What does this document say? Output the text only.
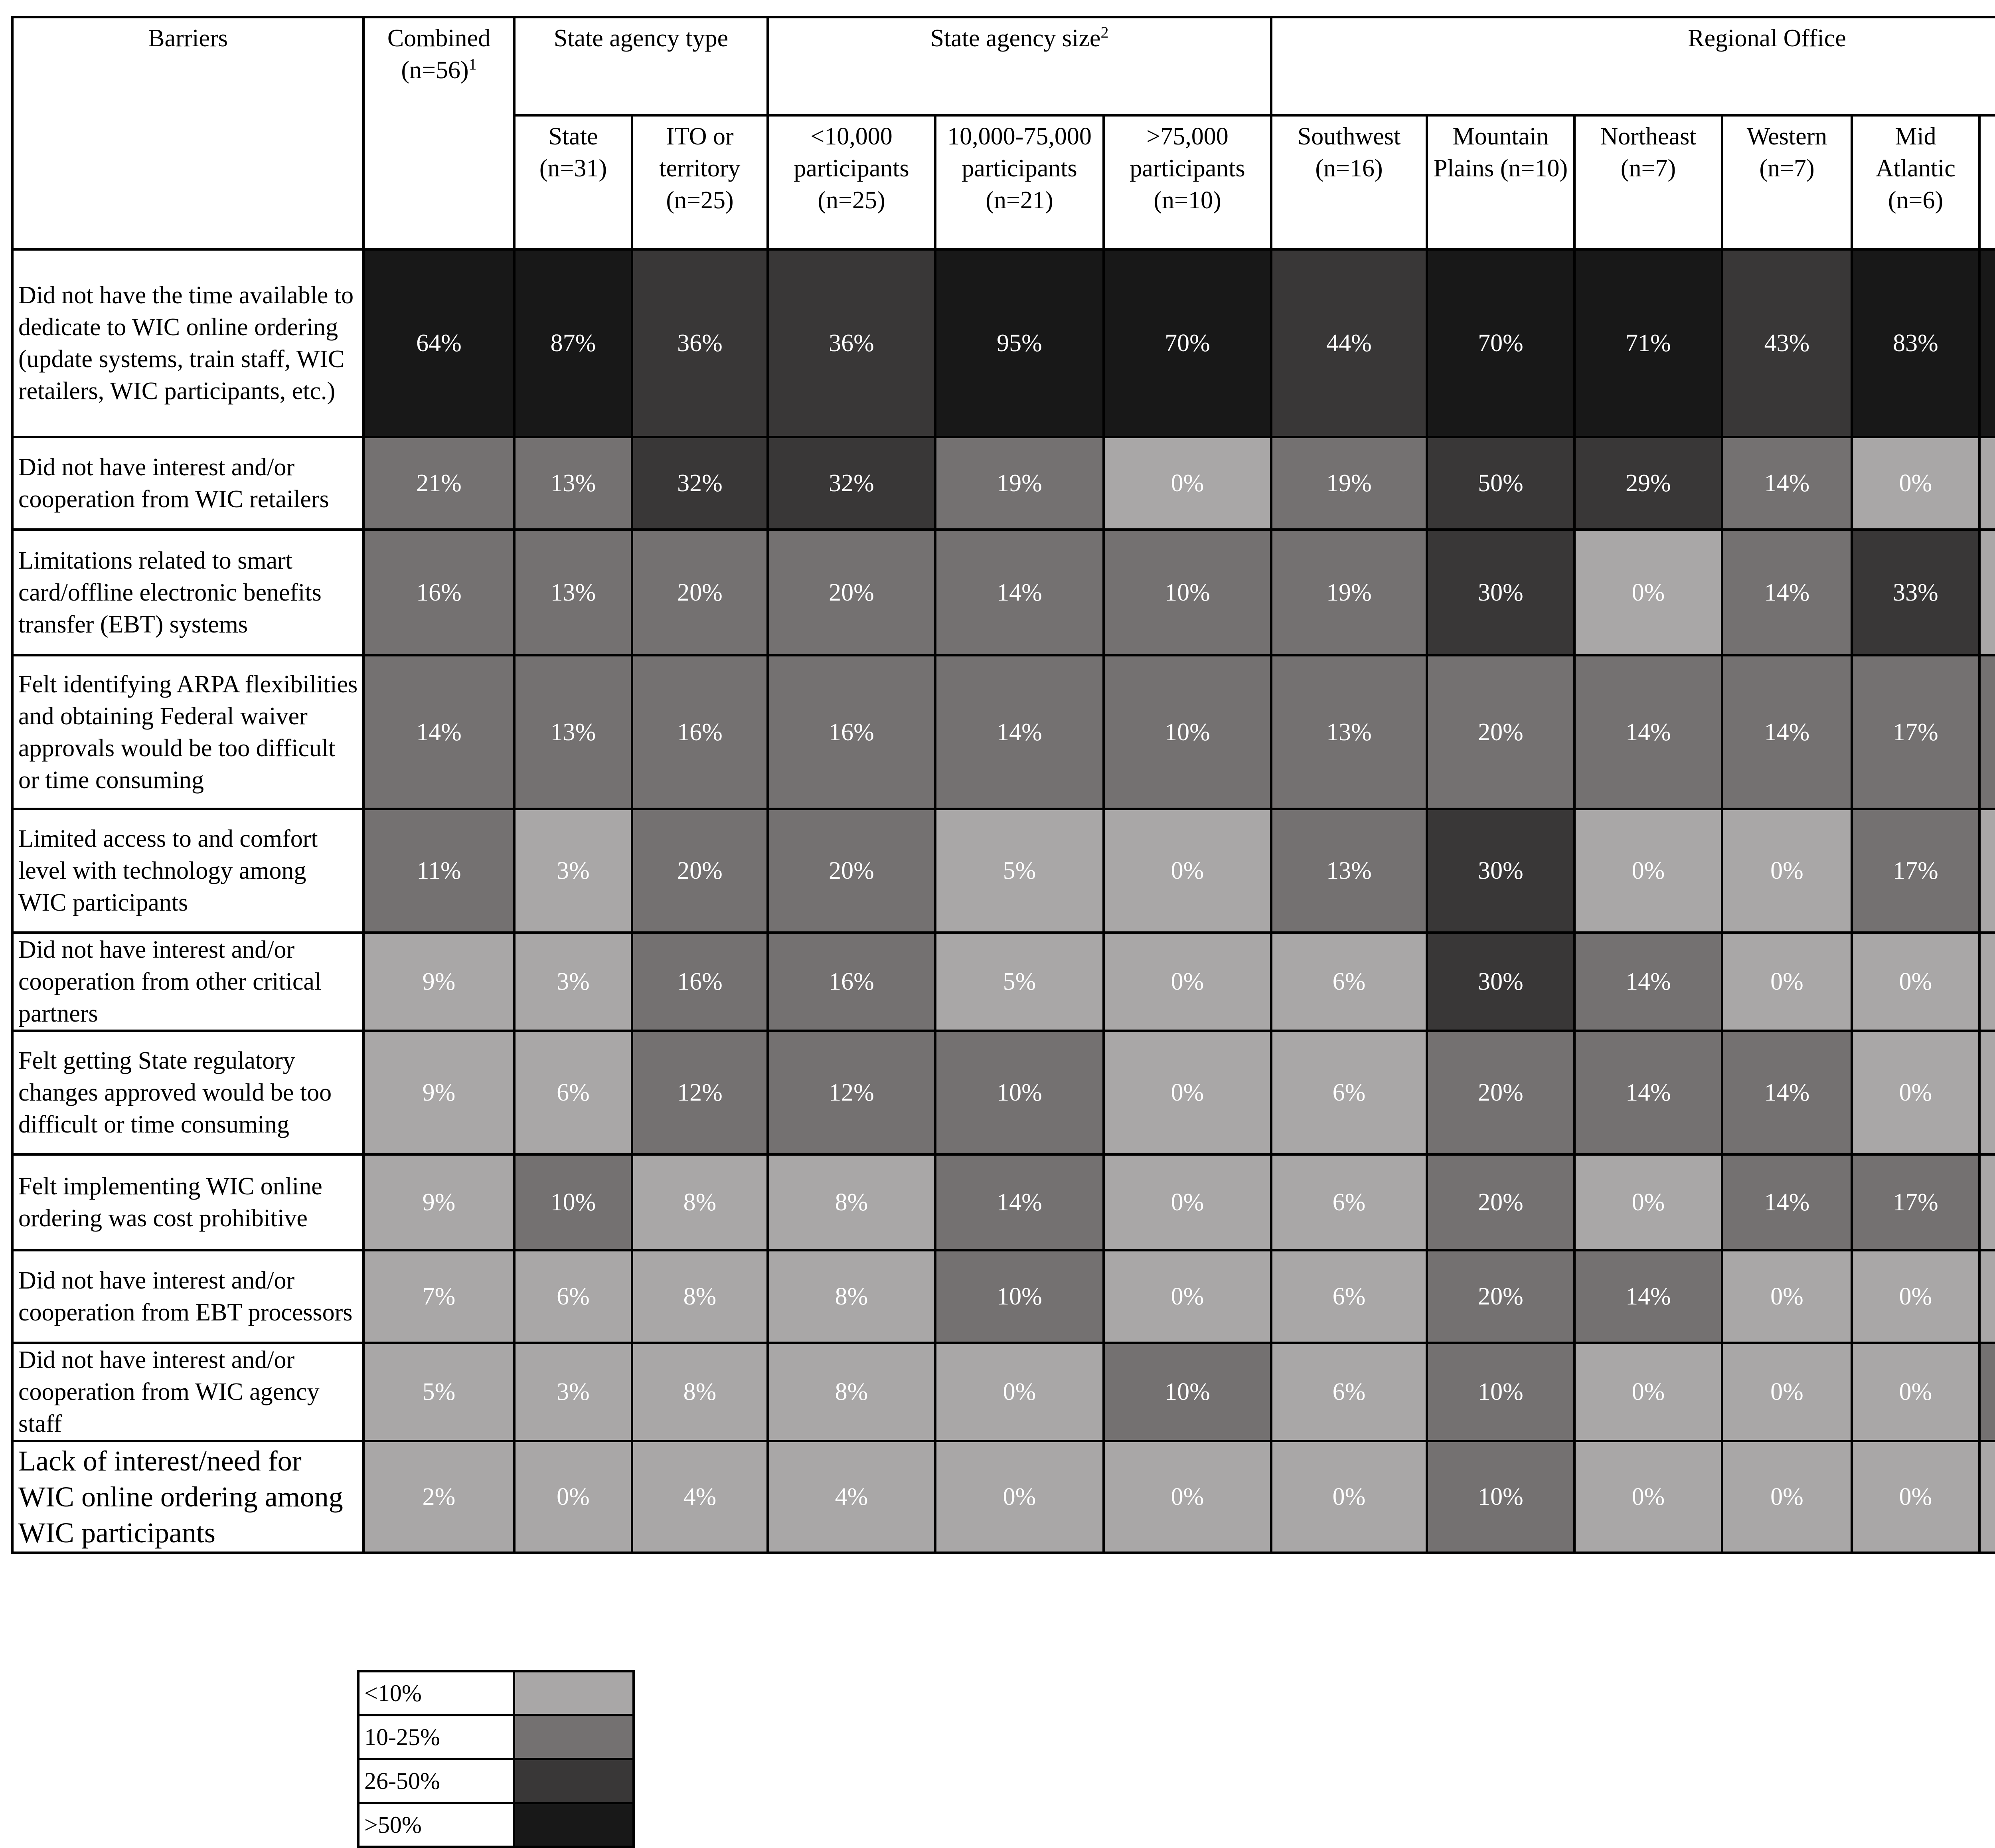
Barriers	Combined (n=56)$^1$	State agency type		State agency size$^2$			Regional Office			
		State (n=31)	ITO or territory (n=25)	<10,000 participants (n=25)	10,000-75,000 participants (n=21)	>75,000 participants (n=10)	Southwest (n=16)	Mountain Plains (n=10)	Northeast (n=7)	Western (n=7)	Mid Atlantic (n=6)								
Did not have the time available to dedicate to WIC online ordering (update systems, train staff, WIC retailers, WIC participants, etc.)	64%	87%	36%	36%	95%	70%	44%	70%	71%	43%	83%								
Did not have interest and/or cooperation from WIC retailers	21%	13%	32%	32%	19%	0%	19%	50%	29%	14%	0%								
Limitations related to smart card/offline electronic benefits transfer (EBT) systems	16%	13%	20%	20%	14%	10%	19%	30%	0%	14%	33%								
Felt identifying ARPA flexibilities and obtaining Federal waiver approvals would be too difficult or time consuming	14%	13%	16%	16%	14%	10%	13%	20%	14%	14%	17%								
Limited access to and comfort level with technology among WIC participants	11%	3%	20%	20%	5%	0%	13%	30%	0%	0%	17%								
Did not have interest and/or cooperation from other critical partners	9%	3%	16%	16%	5%	0%	6%	30%	14%	0%	0%								
Felt getting State regulatory changes approved would be too difficult or time consuming	9%	6%	12%	12%	10%	0%	6%	20%	14%	14%	0%								
Felt implementing WIC online ordering was cost prohibitive	9%	10%	8%	8%	14%	0%	6%	20%	0%	14%	17%								
Did not have interest and/or cooperation from EBT processors	7%	6%	8%	8%	10%	0%	6%	20%	14%	0%	0%								
Did not have interest and/or cooperation from WIC agency staff	5%	3%	8%	8%	0%	10%	6%	10%	0%	0%	0%								
Lack of interest/need for WIC online ordering among WIC participants	2%	0%	4%	4%	0%	0%	0%	10%	0%	0%	0%								
<10%	
10-25%	
26-50%	
>50%	
